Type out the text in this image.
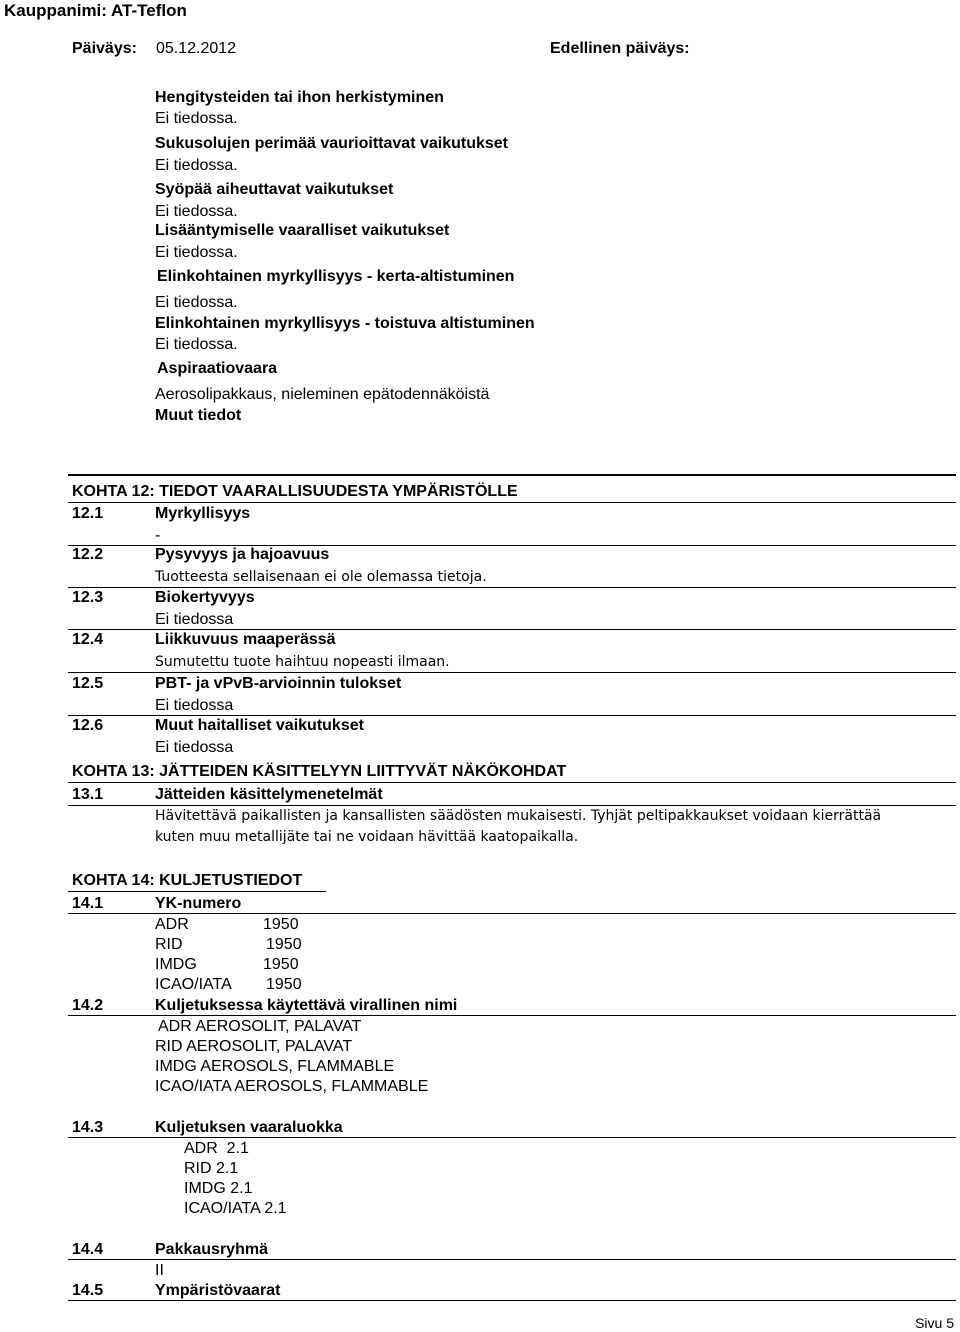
Kauppanimi: AT-Teflon
Päiväys: 05.12.2012	Edellinen päiväys:
Hengitysteiden tai ihon herkistyminen
Ei tiedossa.
Sukusolujen perimää vaurioittavat vaikutukset
Ei tiedossa.
Syöpää aiheuttavat vaikutukset
Ei tiedossa.
Lisääntymiselle vaaralliset vaikutukset
Ei tiedossa.
Elinkohtainen myrkyllisyys - kerta-altistuminen
Ei tiedossa.
Elinkohtainen myrkyllisyys - toistuva altistuminen
Ei tiedossa.
Aspiraatiovaara
Aerosolipakkaus, nieleminen epätodennäköistä
Muut tiedot
KOHTA 12: TIEDOT VAARALLISUUDESTA YMPÄRISTÖLLE
12.1	Myrkyllisyys
-
12.2	Pysyvyys ja hajoavuus
Tuotteesta sellaisenaan ei ole olemassa tietoja.
12.3	Biokertyvyys
Ei tiedossa
12.4	Liikkuvuus maaperässä
Sumutettu tuote haihtuu nopeasti ilmaan.
12.5	PBT- ja vPvB-arvioinnin tulokset
Ei tiedossa
12.6	Muut haitalliset vaikutukset
Ei tiedossa
KOHTA 13: JÄTTEIDEN KÄSITTELYYN LIITTYVÄT NÄKÖKOHDAT
13.1	Jätteiden käsittelymenetelmät
Hävitettävä paikallisten ja kansallisten säädösten mukaisesti. Tyhjät peltipakkaukset voidaan kierrättää
kuten muu metallijäte tai ne voidaan hävittää kaatopaikalla.
KOHTA 14: KULJETUSTIEDOT
14.1	YK-numero
ADR	1950
RID	1950
IMDG	1950
ICAO/IATA 1950
14.2	Kuljetuksessa käytettävä virallinen nimi
ADR AEROSOLIT, PALAVAT
RID AEROSOLIT, PALAVAT
IMDG AEROSOLS, FLAMMABLE
ICAO/IATA AEROSOLS, FLAMMABLE
14.3	Kuljetuksen vaaraluokka
ADR  2.1
RID 2.1
IMDG 2.1
ICAO/IATA 2.1
14.4	Pakkausryhmä
II
14.5	Ympäristövaarat
Sivu 5
